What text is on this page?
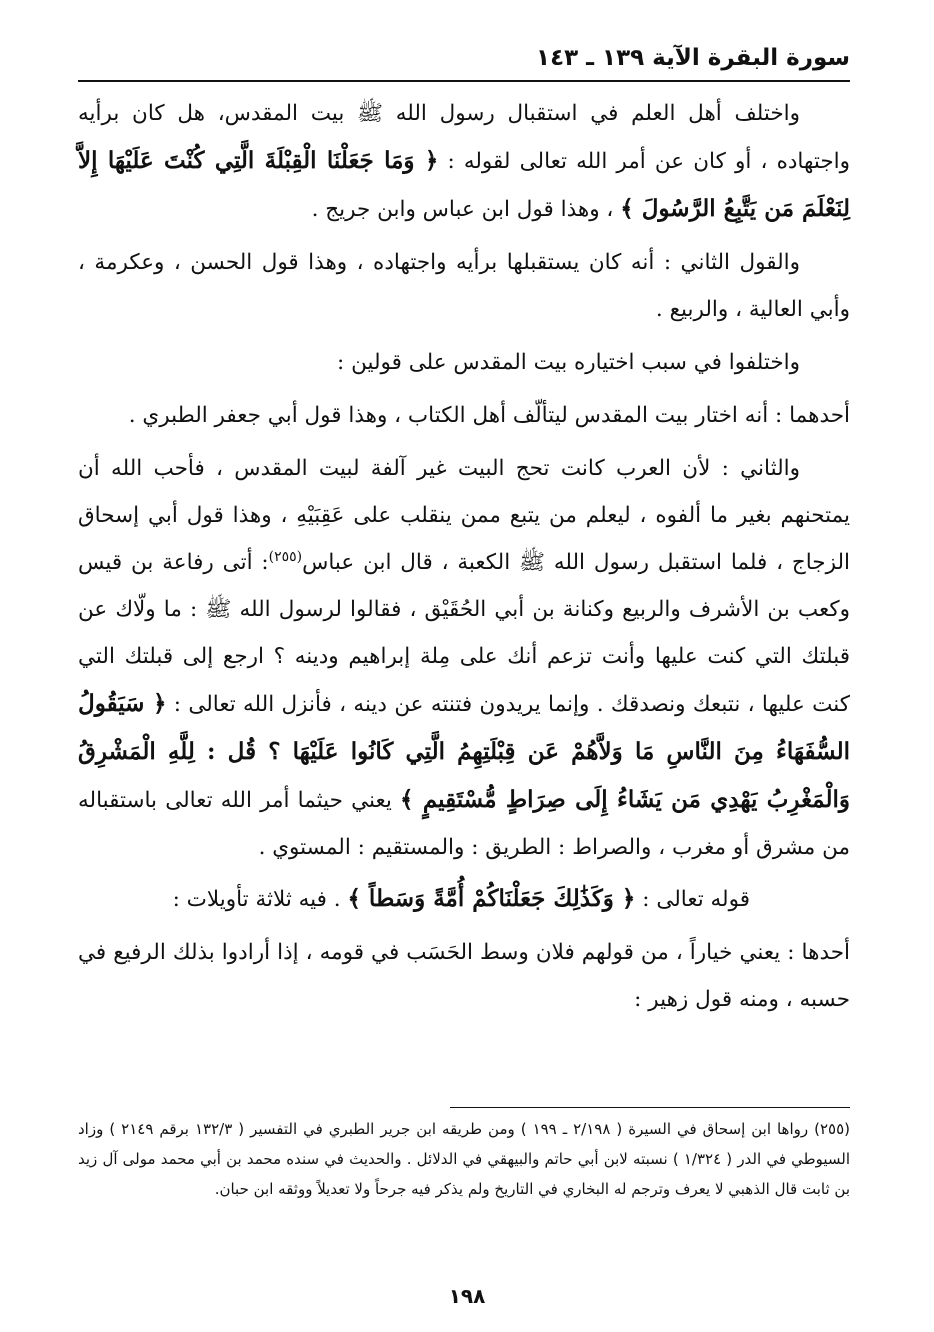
سورة البقرة الآية ١٣٩ ـ ١٤٣

واختلف أهل العلم في استقبال رسول الله ﷺ بيت المقدس، هل كان برأيه واجتهاده ، أو كان عن أمر الله تعالى لقوله : ﴿ وَمَا جَعَلْنَا الْقِبْلَةَ الَّتِي كُنْتَ عَلَيْهَا إِلاَّ لِنَعْلَمَ مَن يَتَّبِعُ الرَّسُولَ ﴾ ، وهذا قول ابن عباس وابن جريج .

والقول الثاني : أنه كان يستقبلها برأيه واجتهاده ، وهذا قول الحسن ، وعكرمة ، وأبي العالية ، والربيع .

واختلفوا في سبب اختياره بيت المقدس على قولين :

أحدهما : أنه اختار بيت المقدس ليتألّف أهل الكتاب ، وهذا قول أبي جعفر الطبري .

والثاني : لأن العرب كانت تحج البيت غير آلفة لبيت المقدس ، فأحب الله أن يمتحنهم بغير ما ألفوه ، ليعلم من يتبع ممن ينقلب على عَقِبَيْهِ ، وهذا قول أبي إسحاق الزجاج ، فلما استقبل رسول الله ﷺ الكعبة ، قال ابن عباس$^{(٢٥٥)}$: أتى رفاعة بن قيس وكعب بن الأشرف والربيع وكنانة بن أبي الحُقَيْق ، فقالوا لرسول الله ﷺ : ما ولّاك عن قبلتك التي كنت عليها وأنت تزعم أنك على مِلة إبراهيم ودينه ؟ ارجع إلى قبلتك التي كنت عليها ، نتبعك ونصدقك . وإنما يريدون فتنته عن دينه ، فأنزل الله تعالى : ﴿ سَيَقُولُ السُّفَهَاءُ مِنَ النَّاسِ مَا وَلاَّهُمْ عَن قِبْلَتِهِمُ الَّتِي كَانُوا عَلَيْهَا ؟ قُل : لِلَّهِ الْمَشْرِقُ وَالْمَغْرِبُ يَهْدِي مَن يَشَاءُ إِلَى صِرَاطٍ مُّسْتَقِيمٍ ﴾ يعني حيثما أمر الله تعالى باستقباله من مشرق أو مغرب ، والصراط : الطريق : والمستقيم : المستوي .

قوله تعالى : ﴿ وَكَذَٰلِكَ جَعَلْنَاكُمْ أُمَّةً وَسَطاً ﴾ . فيه ثلاثة تأويلات :

أحدها : يعني خياراً ، من قولهم فلان وسط الحَسَب في قومه ، إذا أرادوا بذلك الرفيع في حسبه ، ومنه قول زهير :

(٢٥٥) رواها ابن إسحاق في السيرة ( ٢/١٩٨ ـ ١٩٩ ) ومن طريقه ابن جرير الطبري في التفسير ( ١٣٢/٣ برقم ٢١٤٩ ) وزاد السيوطي في الدر ( ١/٣٢٤ ) نسبته لابن أبي حاتم والبيهقي في الدلائل . والحديث في سنده محمد بن أبي محمد مولى آل زيد بن ثابت قال الذهبي لا يعرف وترجم له البخاري في التاريخ ولم يذكر فيه جرحاً ولا تعديلاً ووثقه ابن حبان.
١٩٨
